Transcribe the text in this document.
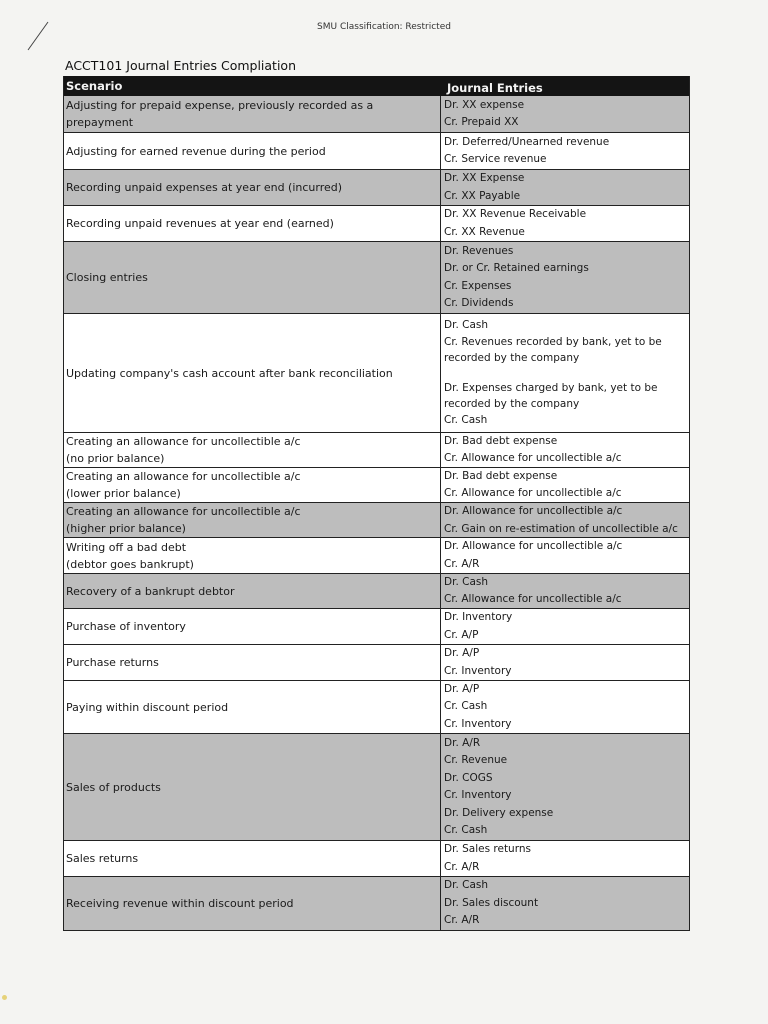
SMU Classification: Restricted
ACCT101 Journal Entries Compliation
Scenario	Journal Entries
Adjusting for prepaid expense, previously recorded as a prepayment
Dr. XX expense
Cr. Prepaid XX
Adjusting for earned revenue during the period
Dr. Deferred/Unearned revenue
Cr. Service revenue
Recording unpaid expenses at year end (incurred)
Dr. XX Expense
Cr. XX Payable
Recording unpaid revenues at year end (earned)
Dr. XX Revenue Receivable
Cr. XX Revenue
Closing entries
Dr. Revenues
Dr. or Cr. Retained earnings
Cr. Expenses
Cr. Dividends
Updating company's cash account after bank reconciliation
Dr. Cash
Cr. Revenues recorded by bank, yet to be recorded by the company
Dr. Expenses charged by bank, yet to be recorded by the company
Cr. Cash
Creating an allowance for uncollectible a/c
(no prior balance)
Dr. Bad debt expense
Cr. Allowance for uncollectible a/c
Creating an allowance for uncollectible a/c
(lower prior balance)
Dr. Bad debt expense
Cr. Allowance for uncollectible a/c
Creating an allowance for uncollectible a/c
(higher prior balance)
Dr. Allowance for uncollectible a/c
Cr. Gain on re-estimation of uncollectible a/c
Writing off a bad debt
(debtor goes bankrupt)
Dr. Allowance for uncollectible a/c
Cr. A/R
Recovery of a bankrupt debtor
Dr. Cash
Cr. Allowance for uncollectible a/c
Purchase of inventory
Dr. Inventory
Cr. A/P
Purchase returns
Dr. A/P
Cr. Inventory
Paying within discount period
Dr. A/P
Cr. Cash
Cr. Inventory
Sales of products
Dr. A/R
Cr. Revenue
Dr. COGS
Cr. Inventory
Dr. Delivery expense
Cr. Cash
Sales returns
Dr. Sales returns
Cr. A/R
Receiving revenue within discount period
Dr. Cash
Dr. Sales discount
Cr. A/R
